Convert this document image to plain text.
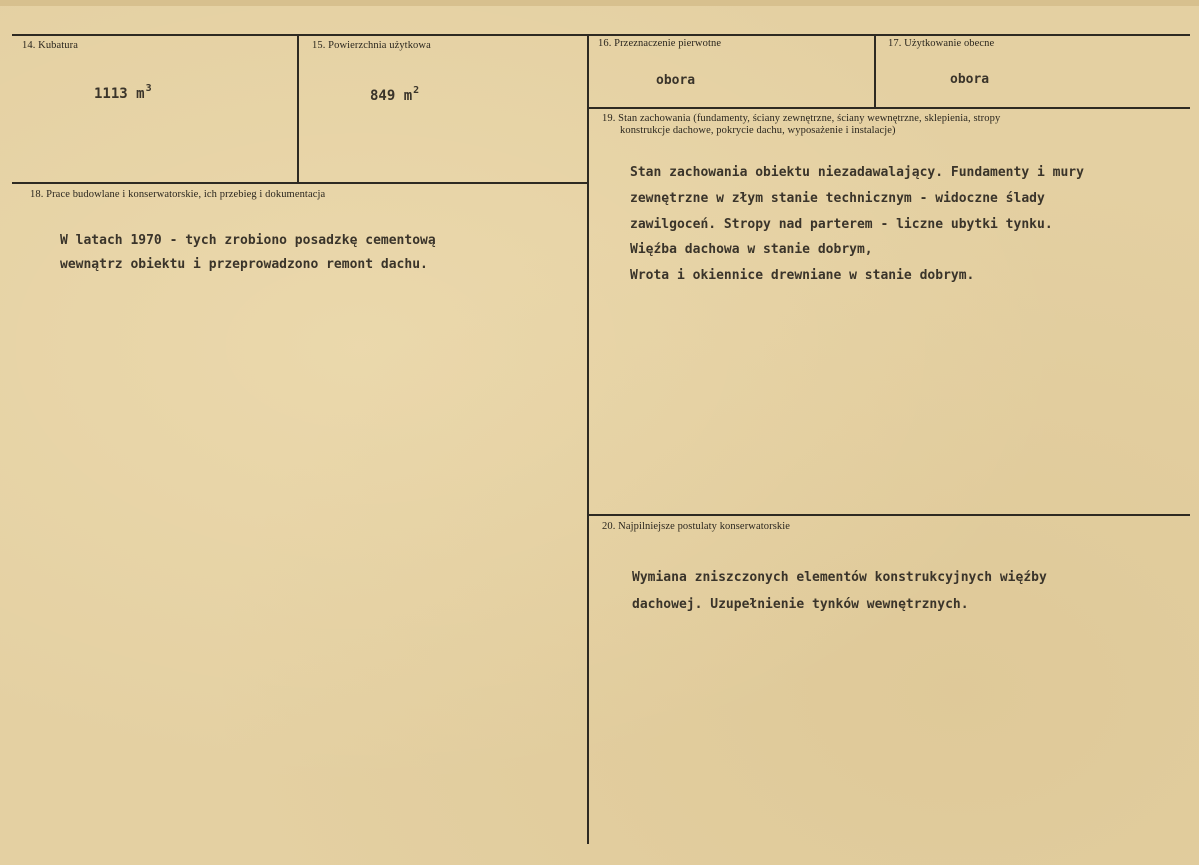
14. Kubatura
1113 $m^3$
15. Powierzchnia użytkowa
849 $m^2$
16. Przeznaczenie pierwotne
obora
17. Użytkowanie obecne
obora
18. Prace budowlane i konserwatorskie, ich przebieg i dokumentacja
W latach 1970 - tych zrobiono posadzkę cementową
wewnątrz obiektu i przeprowadzono remont dachu.
19. Stan zachowania (fundamenty, ściany zewnętrzne, ściany wewnętrzne, sklepienia, stropy
konstrukcje dachowe, pokrycie dachu, wyposażenie i instalacje)
Stan zachowania obiektu niezadawalający. Fundamenty i mury
zewnętrzne w złym stanie technicznym - widoczne ślady
zawilgoceń. Stropy nad parterem - liczne ubytki tynku.
Więźba dachowa w stanie dobrym,
Wrota i okiennice drewniane w stanie dobrym.
20. Najpilniejsze postulaty konserwatorskie
Wymiana zniszczonych elementów konstrukcyjnych więźby
dachowej. Uzupełnienie tynków wewnętrznych.
